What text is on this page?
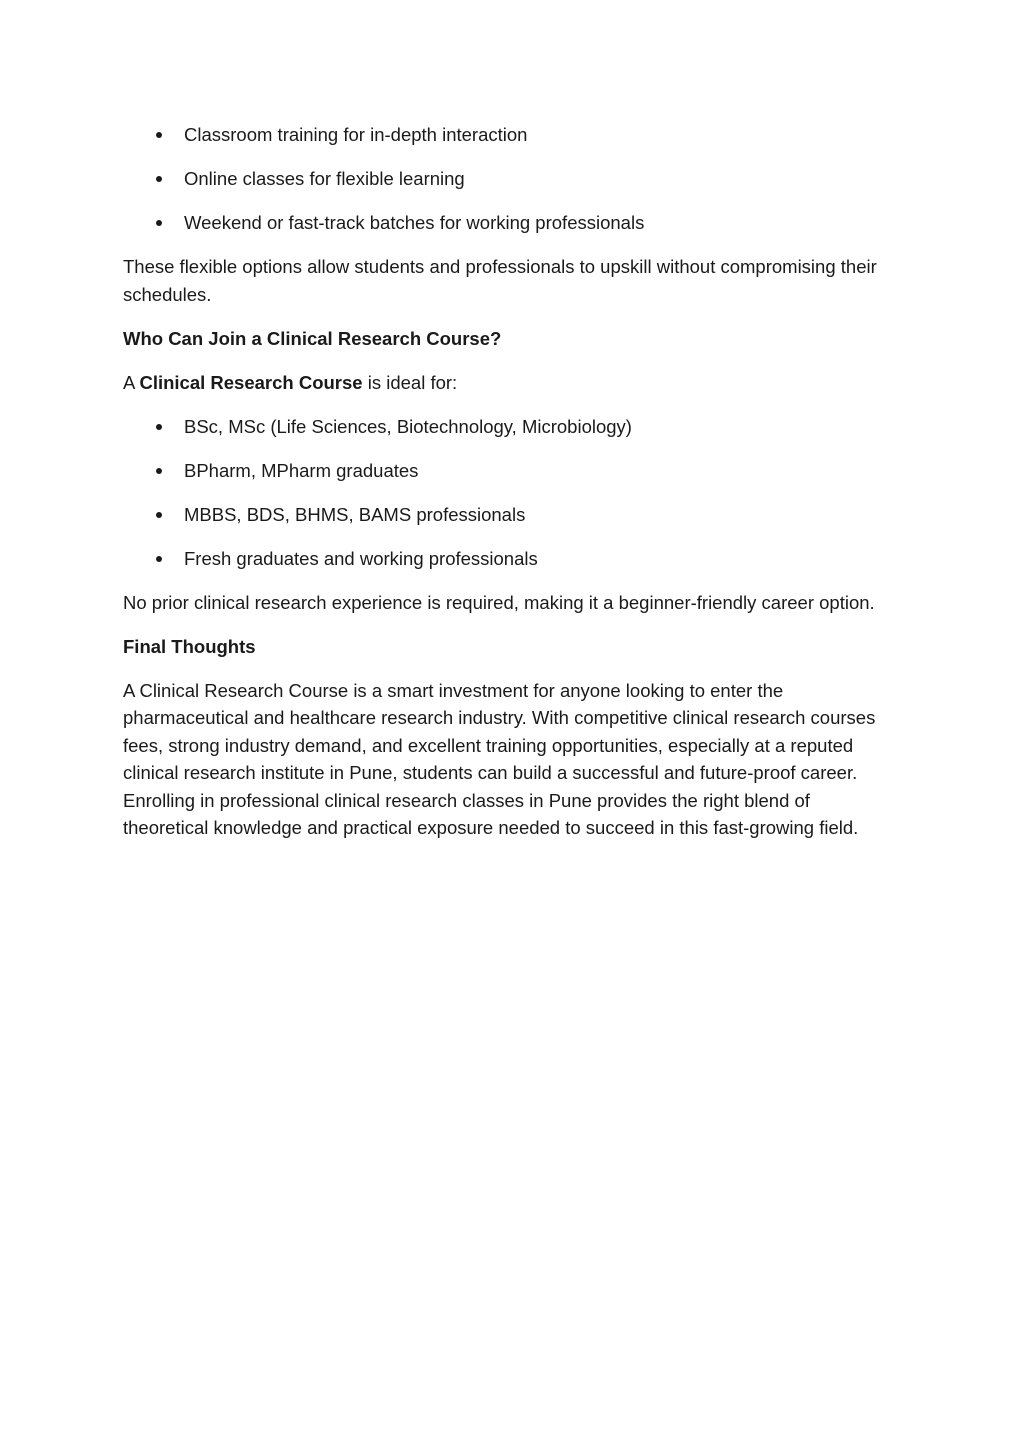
Classroom training for in-depth interaction
Online classes for flexible learning
Weekend or fast-track batches for working professionals

These flexible options allow students and professionals to upskill without compromising their schedules.

Who Can Join a Clinical Research Course?

A Clinical Research Course is ideal for:

BSc, MSc (Life Sciences, Biotechnology, Microbiology)
BPharm, MPharm graduates
MBBS, BDS, BHMS, BAMS professionals
Fresh graduates and working professionals

No prior clinical research experience is required, making it a beginner-friendly career option.

Final Thoughts

A Clinical Research Course is a smart investment for anyone looking to enter the pharmaceutical and healthcare research industry. With competitive clinical research courses fees, strong industry demand, and excellent training opportunities, especially at a reputed clinical research institute in Pune, students can build a successful and future-proof career. Enrolling in professional clinical research classes in Pune provides the right blend of theoretical knowledge and practical exposure needed to succeed in this fast-growing field.
